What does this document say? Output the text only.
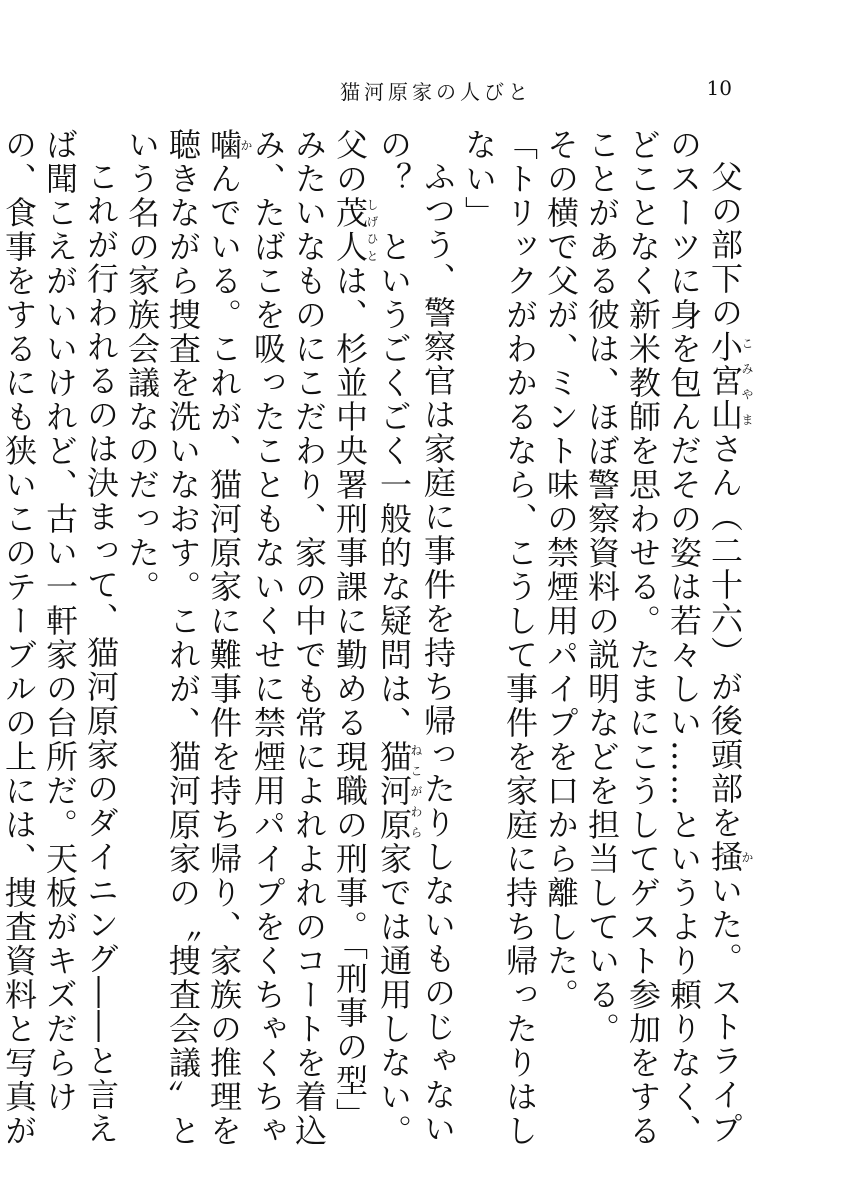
猫河原家の人びと	10

父の部下の小宮山こみやまさん（二十六）が後頭部を掻かいた。ストライプのスーツに身を包んだその姿は若々しい……というより頼りなく、どことなく新米教師を思わせる。たまにこうしてゲスト参加をすることがある彼は、ほぼ警察資料の説明などを担当している。

その横で父が、ミント味の禁煙用パイプを口から離した。

「トリックがわかるなら、こうして事件を家庭に持ち帰ったりはしない」

ふつう、警察官は家庭に事件を持ち帰ったりしないものじゃないの？　というごくごく一般的な疑問は、猫河原ねこがわら家では通用しない。父の茂人しげひとは、杉並中央署刑事課に勤める現職の刑事。「刑事の型」みたいなものにこだわり、家の中でも常によれよれのコートを着込み、たばこを吸ったこともないくせに禁煙用パイプをくちゃくちゃ噛かんでいる。これが、猫河原家に難事件を持ち帰り、家族の推理を聴きながら捜査を洗いなおす。これが、猫河原家の〝捜査会議〟という名の家族会議なのだった。

これが行われるのは決まって、猫河原家のダイニング――と言えば聞こえがいいけれど、古い一軒家の台所だ。天板がキズだらけの、食事をするにも狭いこのテーブルの上には、捜査資料と写真が
